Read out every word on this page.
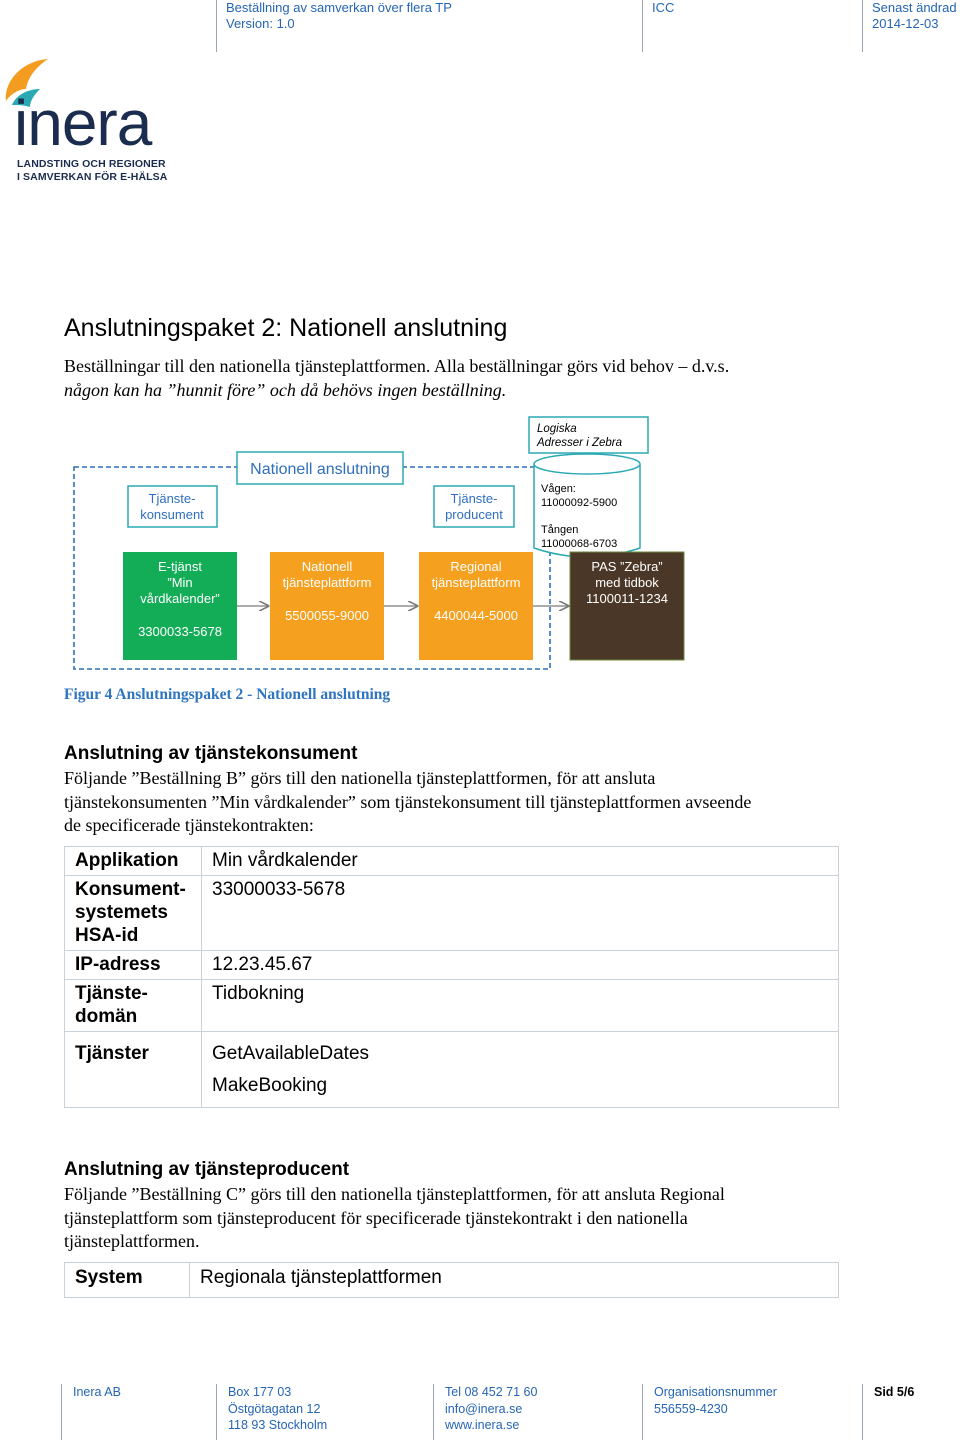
Beställning av samverkan över flera TP
Version: 1.0
ICC	Senast ändrad
2014-12-03
inera
LANDSTING OCH REGIONER
I SAMVERKAN FÖR E-HÄLSA
Anslutningspaket 2: Nationell anslutning
Beställningar till den nationella tjänsteplattformen. Alla beställningar görs vid behov – d.v.s.
någon kan ha ”hunnit före” och då behövs ingen beställning.
Nationell anslutning
Tjänste-
konsument
Tjänste-
producent
Logiska
Adresser i Zebra
Vågen:
11000092-5900
Tången
11000068-6703
E-tjänst
”Min
vårdkalender”
3300033-5678
Nationell
tjänsteplattform
5500055-9000
Regional
tjänsteplattform
4400044-5000
PAS ”Zebra”
med tidbok
1100011-1234
Figur 4 Anslutningspaket 2 - Nationell anslutning
Anslutning av tjänstekonsument
Följande ”Beställning B” görs till den nationella tjänsteplattformen, för att ansluta
tjänstekonsumenten ”Min vårdkalender” som tjänstekonsument till tjänsteplattformen avseende
de specificerade tjänstekontrakten:
Applikation	Min vårdkalender

Konsument-
systemets
HSA-id	33000033-5678

IP-adress	12.23.45.67

Tjänste-
domän	Tidbokning

Tjänster	GetAvailableDates
MakeBooking
Anslutning av tjänsteproducent
Följande ”Beställning C” görs till den nationella tjänsteplattformen, för att ansluta Regional
tjänsteplattform som tjänsteproducent för specificerade tjänstekontrakt i den nationella
tjänsteplattformen.
System	Regionala tjänsteplattformen
Inera AB	Box 177 03
Östgötagatan 12
118 93 Stockholm
Tel 08 452 71 60
info@inera.se
www.inera.se
Organisationsnummer
556559-4230
Sid 5/6
